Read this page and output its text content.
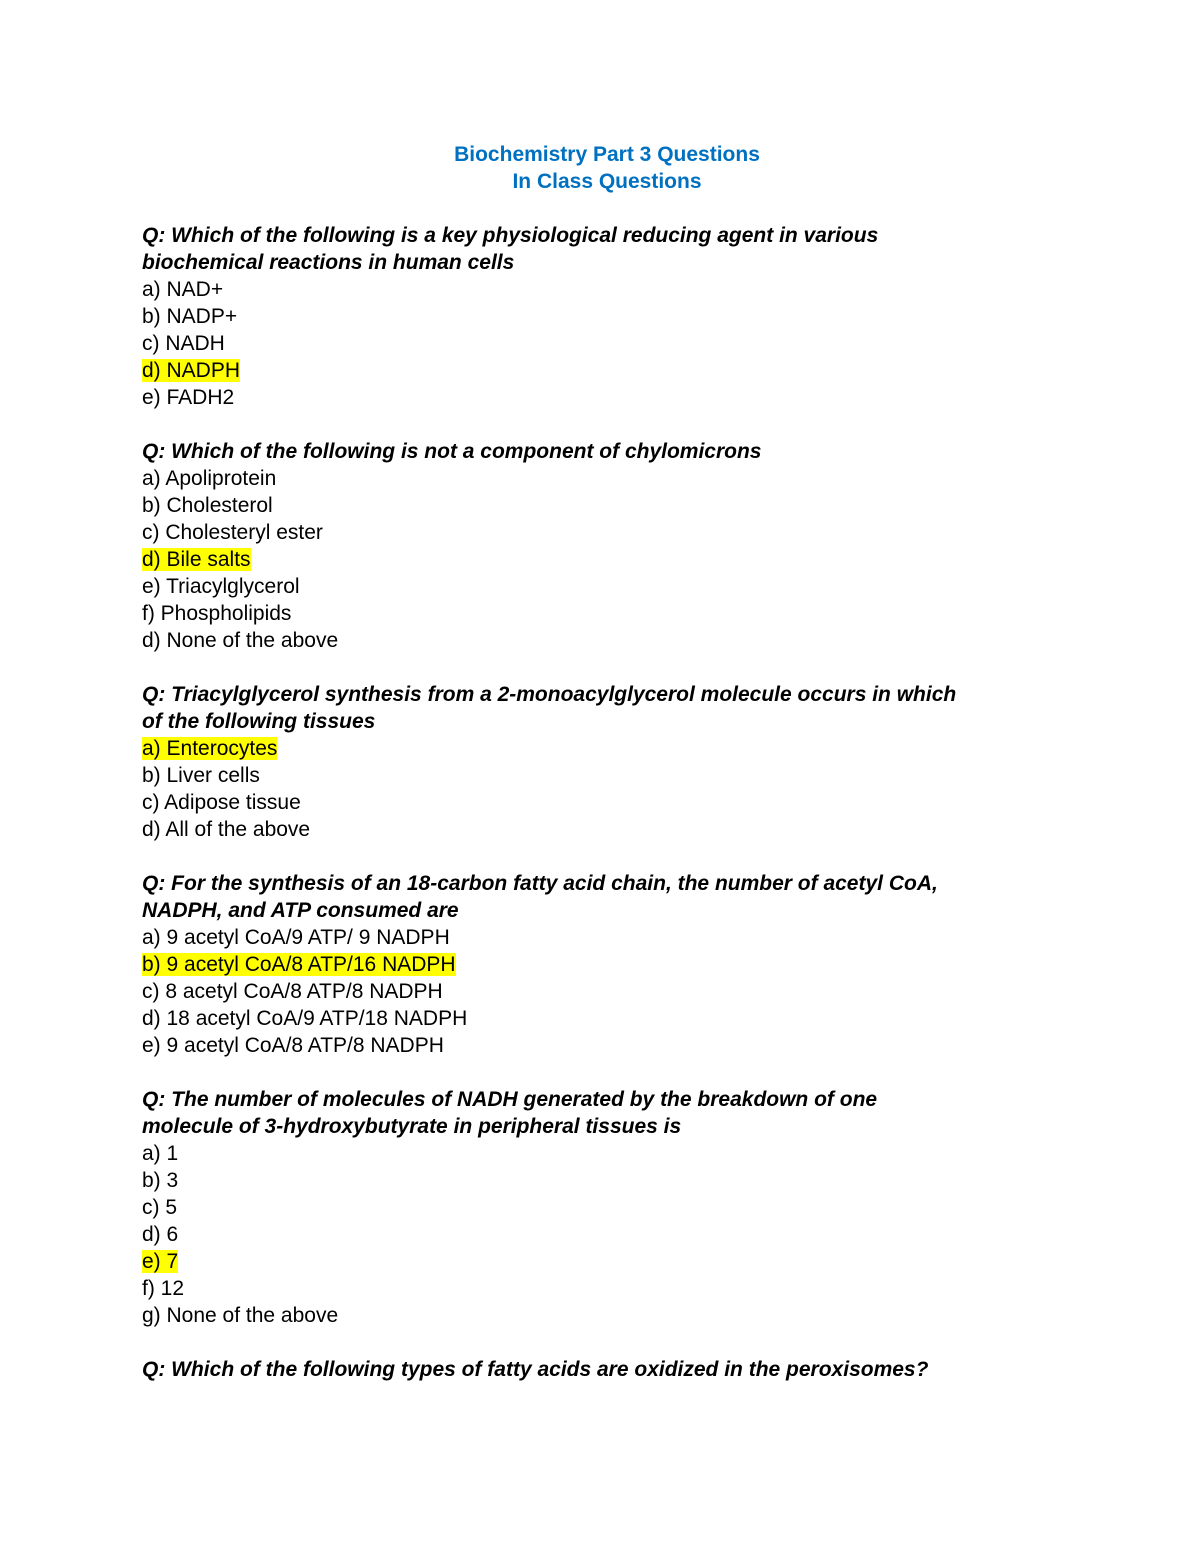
Biochemistry Part 3 Questions

In Class Questions

Q: Which of the following is a key physiological reducing agent in various

biochemical reactions in human cells

a) NAD+
b) NADP+
c) NADH
d) NADPH
e) FADH2

Q: Which of the following is not a component of chylomicrons

a) Apoliprotein
b) Cholesterol
c) Cholesteryl ester
d) Bile salts
e) Triacylglycerol
f) Phospholipids
d) None of the above

Q: Triacylglycerol synthesis from a 2-monoacylglycerol molecule occurs in which

of the following tissues

a) Enterocytes
b) Liver cells
c) Adipose tissue
d) All of the above

Q: For the synthesis of an 18-carbon fatty acid chain, the number of acetyl CoA,

NADPH, and ATP consumed are

a) 9 acetyl CoA/9 ATP/ 9 NADPH
b) 9 acetyl CoA/8 ATP/16 NADPH
c) 8 acetyl CoA/8 ATP/8 NADPH
d) 18 acetyl CoA/9 ATP/18 NADPH
e) 9 acetyl CoA/8 ATP/8 NADPH

Q: The number of molecules of NADH generated by the breakdown of one

molecule of 3-hydroxybutyrate in peripheral tissues is

a) 1
b) 3
c) 5
d) 6
e) 7
f) 12
g) None of the above

Q: Which of the following types of fatty acids are oxidized in the peroxisomes?
